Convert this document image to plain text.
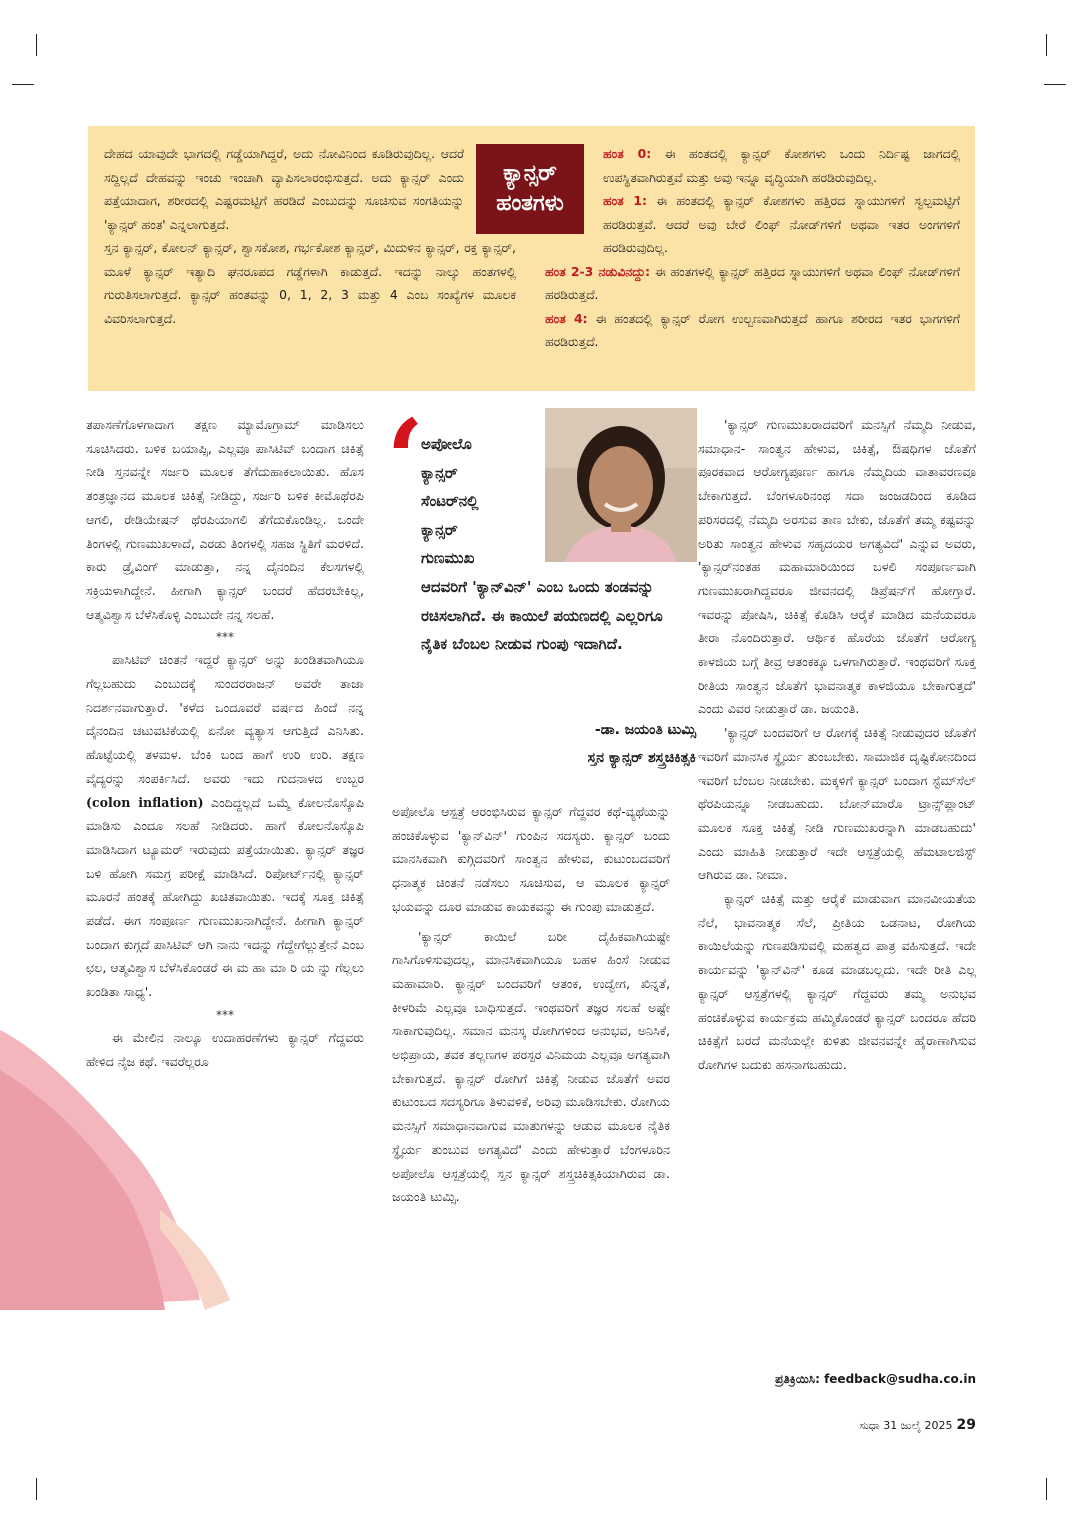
ದೇಹದ ಯಾವುದೇ ಭಾಗದಲ್ಲಿ ಗಡ್ಡೆಯಾಗಿದ್ದರೆ, ಅದು ನೋವಿನಿಂದ ಕೂಡಿರುವುದಿಲ್ಲ. ಆದರೆ ಸದ್ದಿಲ್ಲದೆ ದೇಹವನ್ನು ಇಂಚು ಇಂಚಾಗಿ ವ್ಯಾಪಿಸಲಾರಂಭಿಸುತ್ತದೆ. ಅದು ಕ್ಯಾನ್ಸರ್ ಎಂದು ಪತ್ತೆಯಾದಾಗ, ಶರೀರದಲ್ಲಿ ಎಷ್ಟರಮಟ್ಟಿಗೆ ಹರಡಿದೆ ಎಂಬುದನ್ನು ಸೂಚಿಸುವ ಸಂಗತಿಯನ್ನು 'ಕ್ಯಾನ್ಸರ್ ಹಂತ' ಎನ್ನಲಾಗುತ್ತದೆ.

ಸ್ತನ ಕ್ಯಾನ್ಸರ್, ಕೋಲನ್ ಕ್ಯಾನ್ಸರ್, ಶ್ವಾಸಕೋಶ, ಗರ್ಭಕೋಶ ಕ್ಯಾನ್ಸರ್, ಮಿದುಳಿನ ಕ್ಯಾನ್ಸರ್, ರಕ್ತ ಕ್ಯಾನ್ಸರ್, ಮೂಳೆ ಕ್ಯಾನ್ಸರ್ ಇತ್ಯಾದಿ ಘನರೂಪದ ಗಡ್ಡೆಗಳಾಗಿ ಕಾಡುತ್ತದೆ. ಇದನ್ನು ನಾಲ್ಕು ಹಂತಗಳಲ್ಲಿ ಗುರುತಿಸಲಾಗುತ್ತದೆ. ಕ್ಯಾನ್ಸರ್ ಹಂತವನ್ನು 0, 1, 2, 3 ಮತ್ತು 4 ಎಂಬ ಸಂಖ್ಯೆಗಳ ಮೂಲಕ ವಿವರಿಸಲಾಗುತ್ತದೆ.

ಕ್ಯಾನ್ಸರ್
ಹಂತಗಳು

ಹಂತ 0: ಈ ಹಂತದಲ್ಲಿ ಕ್ಯಾನ್ಸರ್ ಕೋಶಗಳು ಒಂದು ನಿರ್ದಿಷ್ಟ ಜಾಗದಲ್ಲಿ ಉಪಸ್ಥಿತವಾಗಿರುತ್ತವೆ ಮತ್ತು ಅವು ಇನ್ನೂ ವೃದ್ಧಿಯಾಗಿ ಹರಡಿರುವುದಿಲ್ಲ.

ಹಂತ 1: ಈ ಹಂತದಲ್ಲಿ ಕ್ಯಾನ್ಸರ್ ಕೋಶಗಳು ಹತ್ತಿರದ ಸ್ನಾಯುಗಳಿಗೆ ಸ್ವಲ್ಪಮಟ್ಟಿಗೆ ಹರಡಿರುತ್ತವೆ. ಆದರೆ ಅವು ಬೇರೆ ಲಿಂಫ್ ನೋಡ್‌ಗಳಿಗೆ ಅಥವಾ ಇತರ ಅಂಗಗಳಿಗೆ ಹರಡಿರುವುದಿಲ್ಲ.

ಹಂತ 2-3 ನಡುವಿನದ್ದು: ಈ ಹಂತಗಳಲ್ಲಿ ಕ್ಯಾನ್ಸರ್ ಹತ್ತಿರದ ಸ್ನಾಯುಗಳಿಗೆ ಅಥವಾ ಲಿಂಫ್ ನೋಡ್‌ಗಳಿಗೆ ಹರಡಿರುತ್ತದೆ.

ಹಂತ 4: ಈ ಹಂತದಲ್ಲಿ ಕ್ಯಾನ್ಸರ್ ರೋಗ ಉಲ್ಬಣವಾಗಿರುತ್ತದೆ ಹಾಗೂ ಶರೀರದ ಇತರ ಭಾಗಗಳಿಗೆ ಹರಡಿರುತ್ತದೆ.

ತಪಾಸಣೆಗೊಳಗಾದಾಗ ತಕ್ಷಣ ಮ್ಯಾಮೊಗ್ರಾಮ್ ಮಾಡಿಸಲು ಸೂಚಿಸಿದರು. ಬಳಿಕ ಬಯಾಪ್ಸಿ, ಎಲ್ಲವೂ ಪಾಸಿಟಿವ್ ಬಂದಾಗ ಚಿಕಿತ್ಸೆ ನೀಡಿ ಸ್ತನವನ್ನೇ ಸರ್ಜರಿ ಮೂಲಕ ತೆಗೆದುಹಾಕಲಾಯಿತು. ಹೊಸ ತಂತ್ರಜ್ಞಾನದ ಮೂಲಕ ಚಿಕಿತ್ಸೆ ನೀಡಿದ್ದು, ಸರ್ಜರಿ ಬಳಿಕ ಕೀಮೊಥೆರಪಿ ಆಗಲಿ, ರೇಡಿಯೇಷನ್ ಥೆರಪಿಯಾಗಲಿ ತೆಗೆದುಕೊಂಡಿಲ್ಲ. ಒಂದೇ ತಿಂಗಳಲ್ಲಿ ಗುಣಮುಖಳಾದೆ, ಎರಡು ತಿಂಗಳಲ್ಲಿ ಸಹಜ ಸ್ಥಿತಿಗೆ ಮರಳಿದೆ. ಕಾರು ಡ್ರೈವಿಂಗ್ ಮಾಡುತ್ತಾ, ನನ್ನ ದೈನಂದಿನ ಕೆಲಸಗಳಲ್ಲಿ ಸಕ್ರಿಯಳಾಗಿದ್ದೇನೆ. ಹೀಗಾಗಿ ಕ್ಯಾನ್ಸರ್ ಬಂದರೆ ಹೆದರಬೇಕಿಲ್ಲ, ಆತ್ಮವಿಶ್ವಾಸ ಬೆಳೆಸಿಕೊಳ್ಳಿ ಎಂಬುದೇ ನನ್ನ ಸಲಹೆ.

***

ಪಾಸಿಟಿವ್ ಚಿಂತನೆ ಇದ್ದರೆ ಕ್ಯಾನ್ಸರ್ ಅನ್ನು ಖಂಡಿತವಾಗಿಯೂ ಗೆಲ್ಲಬಹುದು ಎಂಬುದಕ್ಕೆ ಸುಂದರರಾಜನ್ ಅವರೇ ತಾಜಾ ನಿದರ್ಶನವಾಗುತ್ತಾರೆ. 'ಕಳೆದ ಒಂದೂವರೆ ವರ್ಷದ ಹಿಂದೆ ನನ್ನ ದೈನಂದಿನ ಚಟುವಟಿಕೆಯಲ್ಲಿ ಏನೋ ವ್ಯತ್ಯಾಸ ಆಗುತ್ತಿದೆ ಎನಿಸಿತು. ಹೊಟ್ಟೆಯಲ್ಲಿ ತಳಮಳ. ಬೆಂಕಿ ಬಂದ ಹಾಗೆ ಉರಿ ಉರಿ. ತಕ್ಷಣ ವೈದ್ಯರನ್ನು ಸಂಪರ್ಕಿಸಿದೆ. ಅವರು ಇದು ಗುದನಾಳದ ಉಬ್ಬರ (colon inflation) ಎಂದಿದ್ದಲ್ಲದೆ ಒಮ್ಮೆ ಕೋಲನೊಸ್ಕೊಪಿ ಮಾಡಿಸು ಎಂದೂ ಸಲಹೆ ನೀಡಿದರು. ಹಾಗೆ ಕೋಲನೊಸ್ಕೊಪಿ ಮಾಡಿಸಿದಾಗ ಟ್ಯೂಮರ್ ಇರುವುದು ಪತ್ತೆಯಾಯಿತು. ಕ್ಯಾನ್ಸರ್ ತಜ್ಞರ ಬಳಿ ಹೋಗಿ ಸಮಗ್ರ ಪರೀಕ್ಷೆ ಮಾಡಿಸಿದೆ. ರಿಪೋರ್ಟ್‌ನಲ್ಲಿ ಕ್ಯಾನ್ಸರ್ ಮೂರನೆ ಹಂತಕ್ಕೆ ಹೋಗಿದ್ದು ಖಚಿತವಾಯಿತು. ಇದಕ್ಕೆ ಸೂಕ್ತ ಚಿಕಿತ್ಸೆ ಪಡೆದೆ. ಈಗ ಸಂಪೂರ್ಣ ಗುಣಮುಖನಾಗಿದ್ದೇನೆ. ಹೀಗಾಗಿ ಕ್ಯಾನ್ಸರ್ ಬಂದಾಗ ಕುಗ್ಗದೆ ಪಾಸಿಟಿವ್ ಆಗಿ ನಾನು ಇದನ್ನು ಗೆದ್ದೇಗೆಲ್ಲುತ್ತೇನೆ ಎಂಬ ಛಲ, ಆತ್ಮವಿಶ್ವಾಸ ಬೆಳೆಸಿಕೊಂಡರೆ ಈ ಮ ಹಾ ಮಾ ರಿ ಯ ನ್ನು ಗೆಲ್ಲಲು ಖಂಡಿತಾ ಸಾಧ್ಯ'.

***

ಈ ಮೇಲಿನ ನಾಲ್ಕೂ ಉದಾಹರಣೆಗಳು ಕ್ಯಾನ್ಸರ್ ಗೆದ್ದವರು ಹೇಳಿದ ನೈಜ ಕಥೆ. ಇವರೆಲ್ಲರೂ

‘
ಅಪೋಲೊ
ಕ್ಯಾನ್ಸರ್
ಸೆಂಟರ್‌ನಲ್ಲಿ
ಕ್ಯಾನ್ಸರ್
ಗುಣಮುಖ
ಆದವರಿಗೆ 'ಕ್ಯಾನ್‌ವಿನ್' ಎಂಬ ಒಂದು ತಂಡವನ್ನು ರಚಿಸಲಾಗಿದೆ. ಈ ಕಾಯಿಲೆ ಪಯಣದಲ್ಲಿ ಎಲ್ಲರಿಗೂ ನೈತಿಕ ಬೆಂಬಲ ನೀಡುವ ಗುಂಪು ಇದಾಗಿದೆ.
-ಡಾ. ಜಯಂತಿ ಟುಮ್ಸಿ
ಸ್ತನ ಕ್ಯಾನ್ಸರ್ ಶಸ್ತ್ರಚಿಕಿತ್ಸಕಿ

ಅಪೋಲೊ ಆಸ್ಪತ್ರೆ ಆರಂಭಿಸಿರುವ ಕ್ಯಾನ್ಸರ್ ಗೆದ್ದವರ ಕಥೆ-ವ್ಯಥೆಯನ್ನು ಹಂಚಿಕೊಳ್ಳುವ 'ಕ್ಯಾನ್‌ವಿನ್' ಗುಂಪಿನ ಸದಸ್ಯರು. ಕ್ಯಾನ್ಸರ್ ಬಂದು ಮಾನಸಿಕವಾಗಿ ಕುಗ್ಗಿದವರಿಗೆ ಸಾಂತ್ವನ ಹೇಳುವ, ಕುಟುಂಬದವರಿಗೆ ಧನಾತ್ಮಕ ಚಿಂತನೆ ನಡೆಸಲು ಸೂಚಿಸುವ, ಆ ಮೂಲಕ ಕ್ಯಾನ್ಸರ್ ಭಯವನ್ನು ದೂರ ಮಾಡುವ ಕಾಯಕವನ್ನು ಈ ಗುಂಪು ಮಾಡುತ್ತದೆ.

'ಕ್ಯಾನ್ಸರ್ ಕಾಯಿಲೆ ಬರೀ ದೈಹಿಕವಾಗಿಯಷ್ಟೇ ಗಾಸಿಗೊಳಿಸುವುದಲ್ಲ, ಮಾನಸಿಕವಾಗಿಯೂ ಬಹಳ ಹಿಂಸೆ ನೀಡುವ ಮಹಾಮಾರಿ. ಕ್ಯಾನ್ಸರ್ ಬಂದವರಿಗೆ ಆತಂಕ, ಉದ್ವೇಗ, ಖಿನ್ನತೆ, ಕೀಳರಿಮೆ ಎಲ್ಲವೂ ಬಾಧಿಸುತ್ತದೆ. ಇಂಥವರಿಗೆ ತಜ್ಞರ ಸಲಹೆ ಅಷ್ಟೇ ಸಾಕಾಗುವುದಿಲ್ಲ. ಸಮಾನ ಮನಸ್ಕ ರೋಗಿಗಳಿಂದ ಅನುಭವ, ಅನಿಸಿಕೆ, ಅಭಿಪ್ರಾಯ, ತವಕ ತಲ್ಲಣಗಳ ಪರಸ್ಪರ ವಿನಿಮಯ ಎಲ್ಲವೂ ಅಗತ್ಯವಾಗಿ ಬೇಕಾಗುತ್ತದೆ. ಕ್ಯಾನ್ಸರ್ ರೋಗಿಗೆ ಚಿಕಿತ್ಸೆ ನೀಡುವ ಜೊತೆಗೆ ಅವರ ಕುಟುಂಬದ ಸದಸ್ಯರಿಗೂ ತಿಳುವಳಿಕೆ, ಅರಿವು ಮೂಡಿಸಬೇಕು. ರೋಗಿಯ ಮನಸ್ಸಿಗೆ ಸಮಾಧಾನವಾಗುವ ಮಾತುಗಳನ್ನು ಆಡುವ ಮೂಲಕ ನೈತಿಕ ಸ್ಥೈರ್ಯ ತುಂಬುವ ಅಗತ್ಯವಿದೆ' ಎಂದು ಹೇಳುತ್ತಾರೆ ಬೆಂಗಳೂರಿನ ಅಪೋಲೊ ಆಸ್ಪತ್ರೆಯಲ್ಲಿ ಸ್ತನ ಕ್ಯಾನ್ಸರ್ ಶಸ್ತ್ರಚಿಕಿತ್ಸಕಿಯಾಗಿರುವ ಡಾ. ಜಯಂತಿ ಟುಮ್ಸಿ.

'ಕ್ಯಾನ್ಸರ್ ಗುಣಮುಖರಾದವರಿಗೆ ಮನಸ್ಸಿಗೆ ನೆಮ್ಮದಿ ನೀಡುವ, ಸಮಾಧಾನ- ಸಾಂತ್ವನ ಹೇಳುವ, ಚಿಕಿತ್ಸೆ, ಔಷಧಿಗಳ ಜೊತೆಗೆ ಪೂರಕವಾದ ಆರೋಗ್ಯಪೂರ್ಣ ಹಾಗೂ ನೆಮ್ಮದಿಯ ವಾತಾವರಣವೂ ಬೇಕಾಗುತ್ತದೆ. ಬೆಂಗಳೂರಿನಂಥ ಸದಾ ಜಂಜಡದಿಂದ ಕೂಡಿದ ಪರಿಸರದಲ್ಲಿ ನೆಮ್ಮದಿ ಅರಸುವ ತಾಣ ಬೇಕು, ಜೊತೆಗೆ ತಮ್ಮ ಕಷ್ಟವನ್ನು ಅರಿತು ಸಾಂತ್ವನ ಹೇಳುವ ಸಹೃದಯರ ಅಗತ್ಯವಿದೆ' ಎನ್ನುವ ಅವರು, 'ಕ್ಯಾನ್ಸರ್‌ನಂತಹ ಮಹಾಮಾರಿಯಿಂದ ಬಳಲಿ ಸಂಪೂರ್ಣವಾಗಿ ಗುಣಮುಖರಾಗಿದ್ದವರೂ ಜೀವನದಲ್ಲಿ ಡಿಪ್ರೆಷನ್‌ಗೆ ಹೋಗ್ತಾರೆ. ಇವರನ್ನು ಪೋಷಿಸಿ, ಚಿಕಿತ್ಸೆ ಕೊಡಿಸಿ ಆರೈಕೆ ಮಾಡಿದ ಮನೆಯವರೂ ತೀರಾ ನೊಂದಿರುತ್ತಾರೆ. ಆರ್ಥಿಕ ಹೊರೆಯ ಜೊತೆಗೆ ಆರೋಗ್ಯ ಕಾಳಜಿಯ ಬಗ್ಗೆ ತೀವ್ರ ಆತಂಕಕ್ಕೂ ಒಳಗಾಗಿರುತ್ತಾರೆ. ಇಂಥವರಿಗೆ ಸೂಕ್ತ ರೀತಿಯ ಸಾಂತ್ವನ ಜೊತೆಗೆ ಭಾವನಾತ್ಮಕ ಕಾಳಜಿಯೂ ಬೇಕಾಗುತ್ತದೆ' ಎಂದು ವಿವರ ನೀಡುತ್ತಾರೆ ಡಾ. ಜಯಂತಿ.

'ಕ್ಯಾನ್ಸರ್ ಬಂದವರಿಗೆ ಆ ರೋಗಕ್ಕೆ ಚಿಕಿತ್ಸೆ ನೀಡುವುದರ ಜೊತೆಗೆ ಇವರಿಗೆ ಮಾನಸಿಕ ಸ್ಥೈರ್ಯ ತುಂಬಬೇಕು. ಸಾಮಾಜಿಕ ದೃಷ್ಟಿಕೋನದಿಂದ ಇವರಿಗೆ ಬೆಂಬಲ ನೀಡಬೇಕು. ಮಕ್ಕಳಿಗೆ ಕ್ಯಾನ್ಸರ್ ಬಂದಾಗ ಸ್ಟೆಮ್‌ಸೆಲ್ ಥೆರಪಿಯನ್ನೂ ನೀಡಬಹುದು. ಬೋನ್‌ಮಾರೊ ಟ್ರಾನ್ಸ್‌ಪ್ಲಾಂಟ್ ಮೂಲಕ ಸೂಕ್ತ ಚಿಕಿತ್ಸೆ ನೀಡಿ ಗುಣಮುಖರನ್ನಾಗಿ ಮಾಡಬಹುದು' ಎಂದು ಮಾಹಿತಿ ನೀಡುತ್ತಾರೆ ಇದೇ ಆಸ್ಪತ್ರೆಯಲ್ಲಿ ಹೆಮಟಾಲಜಿಸ್ಟ್ ಆಗಿರುವ ಡಾ. ನೀಮಾ.

ಕ್ಯಾನ್ಸರ್ ಚಿಕಿತ್ಸೆ ಮತ್ತು ಆರೈಕೆ ಮಾಡುವಾಗ ಮಾನವೀಯತೆಯ ನೆಲೆ, ಭಾವನಾತ್ಮಕ ಸೆಲೆ, ಪ್ರೀತಿಯ ಒಡನಾಟ, ರೋಗಿಯ ಕಾಯಿಲೆಯನ್ನು ಗುಣಪಡಿಸುವಲ್ಲಿ ಮಹತ್ವದ ಪಾತ್ರ ವಹಿಸುತ್ತದೆ. ಇದೇ ಕಾರ್ಯವನ್ನು 'ಕ್ಯಾನ್‌ವಿನ್' ಕೂಡ ಮಾಡಬಲ್ಲದು. ಇದೇ ರೀತಿ ಎಲ್ಲ ಕ್ಯಾನ್ಸರ್ ಆಸ್ಪತ್ರೆಗಳಲ್ಲಿ ಕ್ಯಾನ್ಸರ್ ಗೆದ್ದವರು ತಮ್ಮ ಅನುಭವ ಹಂಚಿಕೊಳ್ಳುವ ಕಾರ್ಯಕ್ರಮ ಹಮ್ಮಿಕೊಂಡರೆ ಕ್ಯಾನ್ಸರ್ ಬಂದರೂ ಹೆದರಿ ಚಿಕಿತ್ಸೆಗೆ ಬರದೆ ಮನೆಯಲ್ಲೇ ಕುಳಿತು ಜೀವನವನ್ನೇ ಹೈರಾಣಾಗಿಸುವ ರೋಗಿಗಳ ಬದುಕು ಹಸನಾಗಬಹುದು.

ಪ್ರತಿಕ್ರಿಯಿಸಿ: feedback@sudha.co.in
ಸುಧಾ 31 ಜುಲೈ 2025 29
